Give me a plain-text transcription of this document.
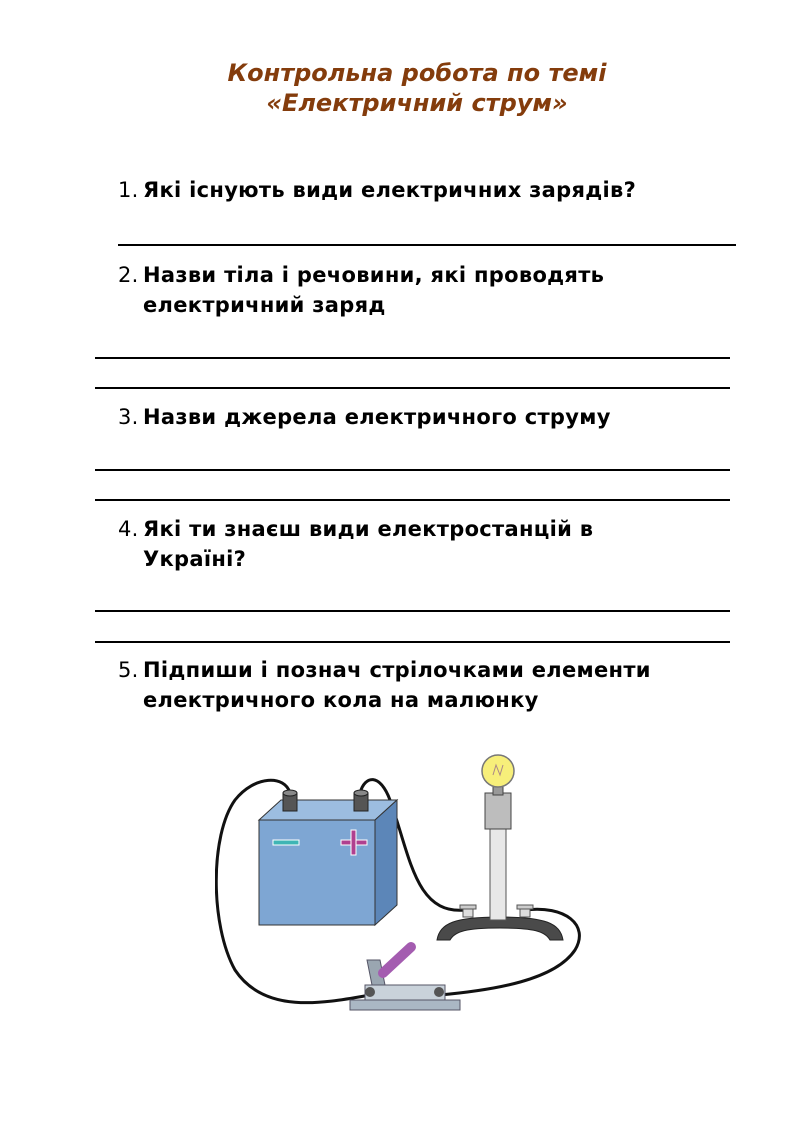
Контрольна робота по темі
«Електричний струм»
1. Які існують види електричних зарядів?
2. Назви тіла і речовини, які проводять електричний заряд
3. Назви джерела електричного струму
4. Які ти знаєш види електростанцій в Україні?
5. Підпиши і познач стрілочками елементи електричного кола на малюнку
